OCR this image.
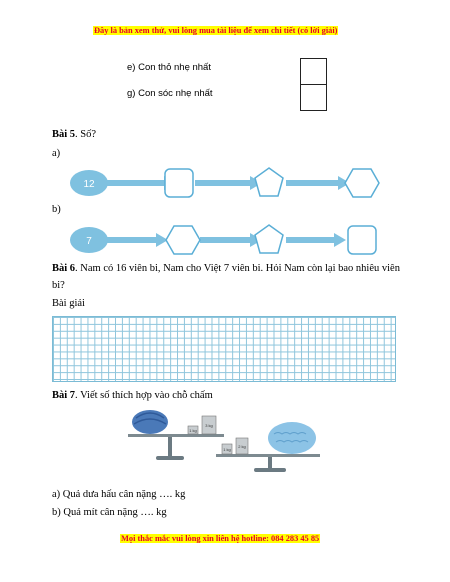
Đây là bản xem thử, vui lòng mua tài liệu để xem chi tiết (có lời giải)
e) Con thỏ nhẹ nhất
g) Con sóc nhẹ nhất
Bài 5. Số?
a)
12
− 8	+ 9	− 6
b)
7
+ 6	− 5	+ 8
Bài 6. Nam có 16 viên bi, Nam cho Việt 7 viên bi. Hỏi Nam còn lại bao nhiêu viên
bi?
Bài giải
Bài 7. Viết số thích hợp vào chỗ chấm
1 kg
3 kg
1 kg
2 kg
a) Quả dưa hấu cân nặng …. kg
b) Quả mít cân nặng …. kg
Mọi thắc mắc vui lòng xin liên hệ hotline: 084 283 45 85
